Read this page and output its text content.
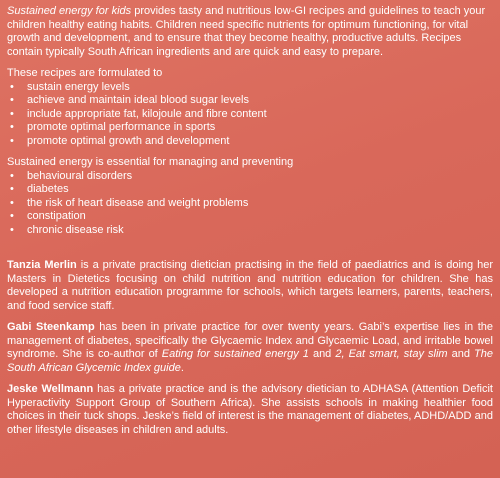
Sustained energy for kids provides tasty and nutritious low-GI recipes and guidelines to teach your children healthy eating habits. Children need specific nutrients for optimum functioning, for vital growth and development, and to ensure that they become healthy, productive adults. Recipes contain typically South African ingredients and are quick and easy to prepare.

These recipes are formulated to

• sustain energy levels
• achieve and maintain ideal blood sugar levels
• include appropriate fat, kilojoule and fibre content
• promote optimal performance in sports
• promote optimal growth and development

Sustained energy is essential for managing and preventing

• behavioural disorders
• diabetes
• the risk of heart disease and weight problems
• constipation
• chronic disease risk

Tanzia Merlin is a private practising dietician practising in the field of paediatrics and is doing her Masters in Dietetics focusing on child nutrition and nutrition education for children. She has developed a nutrition education programme for schools, which targets learners, parents, teachers, and food service staff.

Gabi Steenkamp has been in private practice for over twenty years. Gabi’s expertise lies in the management of diabetes, specifically the Glycaemic Index and Glycaemic Load, and irritable bowel syndrome. She is co-author of Eating for sustained energy 1 and 2, Eat smart, stay slim and The South African Glycemic Index guide.

Jeske Wellmann has a private practice and is the advisory dietician to ADHASA (Attention Deficit Hyperactivity Support Group of Southern Africa). She assists schools in making healthier food choices in their tuck shops. Jeske’s field of interest is the management of diabetes, ADHD/ADD and other lifestyle diseases in children and adults.
